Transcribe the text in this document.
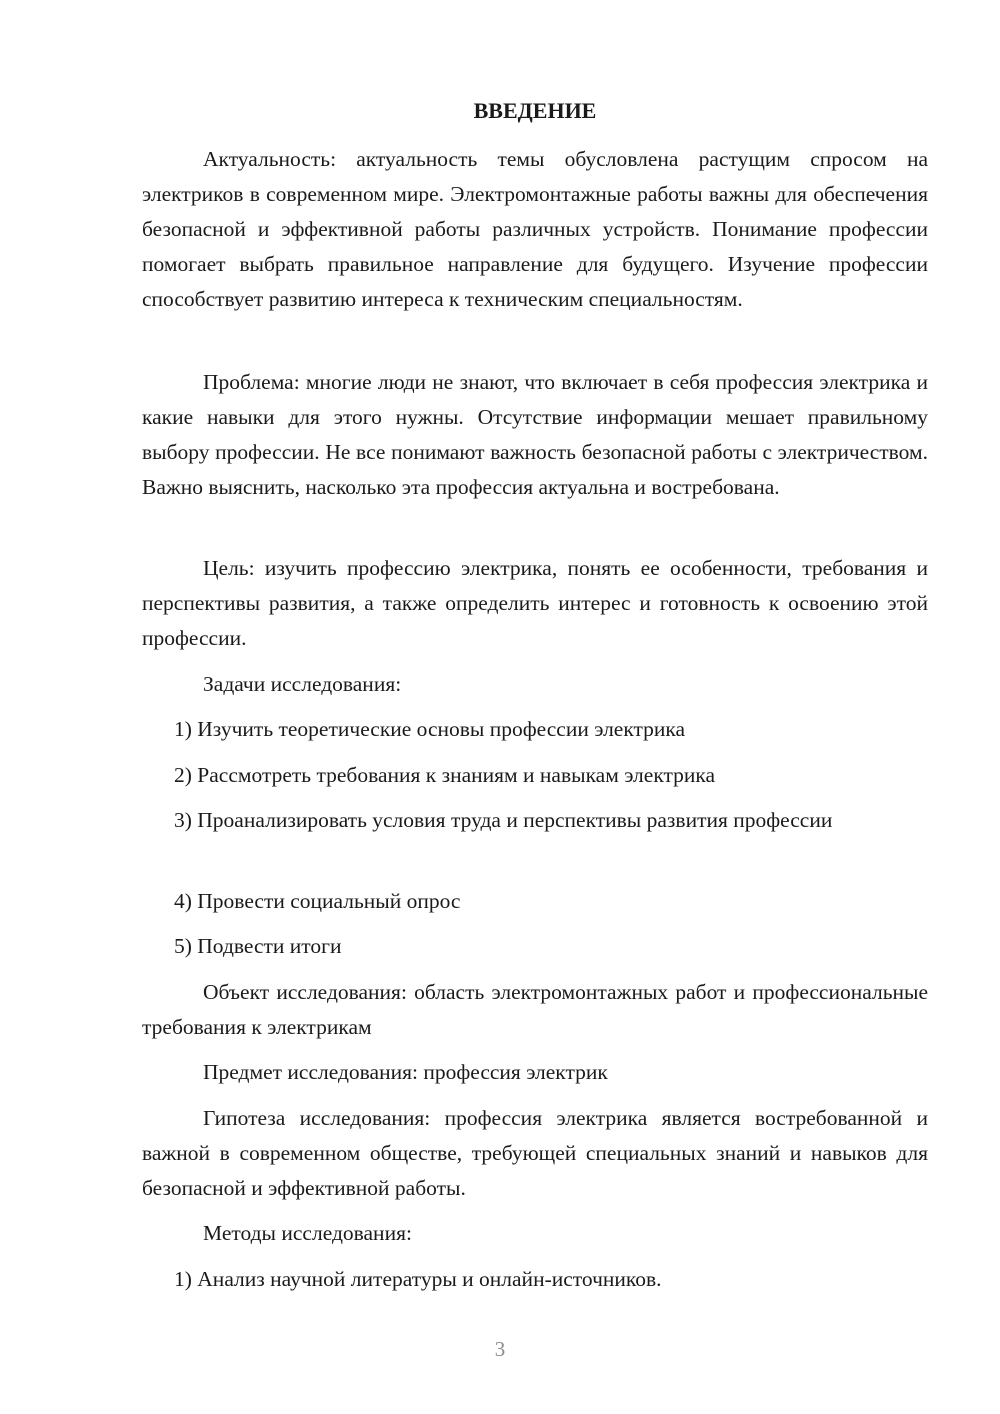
ВВЕДЕНИЕ

Актуальность: актуальность темы обусловлена растущим спросом на электриков в современном мире. Электромонтажные работы важны для обеспечения безопасной и эффективной работы различных устройств. Понимание профессии помогает выбрать правильное направление для будущего. Изучение профессии способствует развитию интереса к техническим специальностям.

Проблема: многие люди не знают, что включает в себя профессия электрика и какие навыки для этого нужны. Отсутствие информации мешает правильному выбору профессии. Не все понимают важность безопасной работы с электричеством. Важно выяснить, насколько эта профессия актуальна и востребована.

Цель: изучить профессию электрика, понять ее особенности, требования и перспективы развития, а также определить интерес и готовность к освоению этой профессии.

Задачи исследования:

1) Изучить теоретические основы профессии электрика

2) Рассмотреть требования к знаниям и навыкам электрика

3) Проанализировать условия труда и перспективы развития профессии

4) Провести социальный опрос

5) Подвести итоги

Объект исследования: область электромонтажных работ и профессиональные требования к электрикам

Предмет исследования: профессия электрик

Гипотеза исследования: профессия электрика является востребованной и важной в современном обществе, требующей специальных знаний и навыков для безопасной и эффективной работы.

Методы исследования:

1) Анализ научной литературы и онлайн-источников.

3
